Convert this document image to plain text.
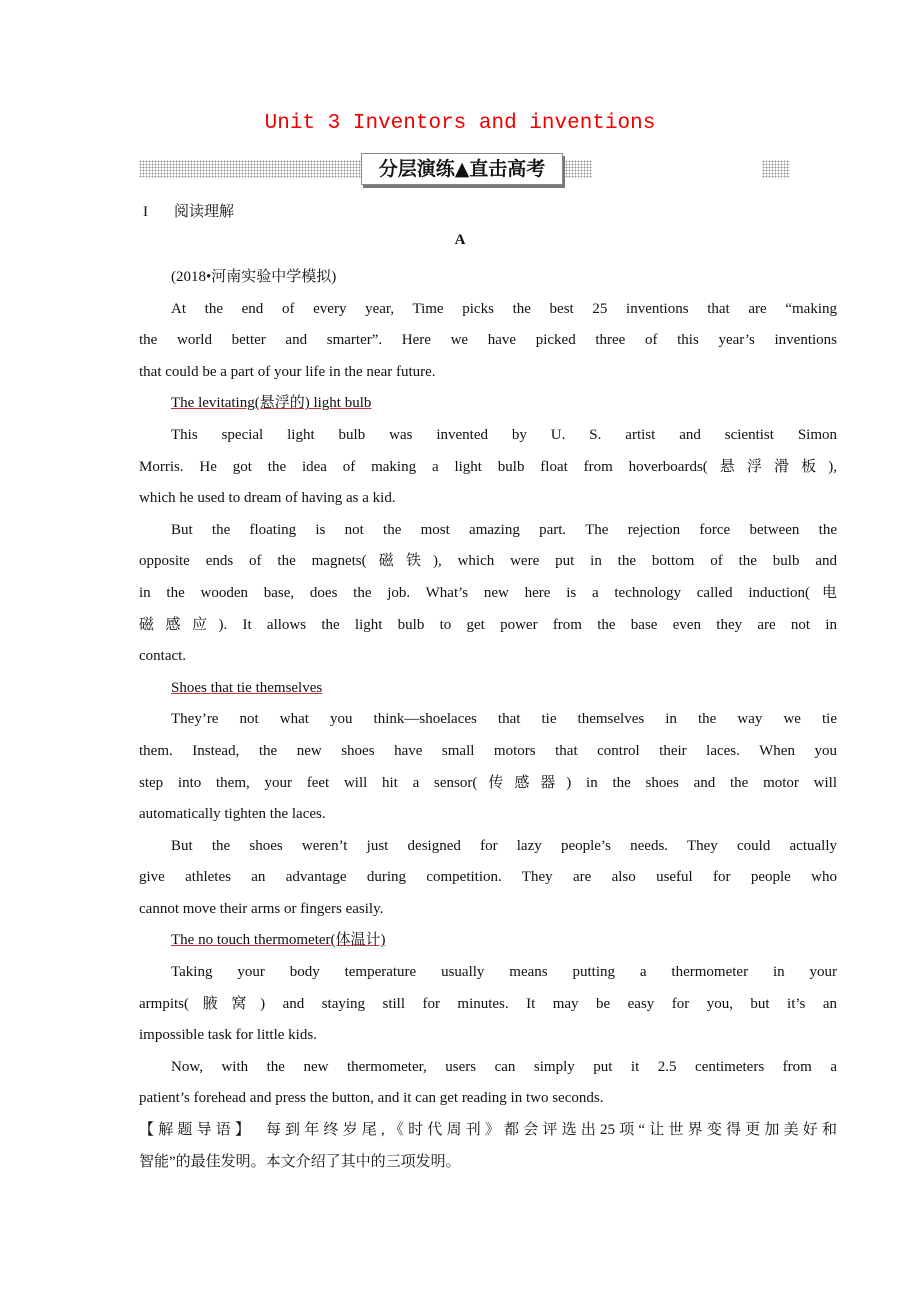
Unit 3 Inventors and inventions
分层演练▲直击高考
I 阅读理解
A
(2018•河南实验中学模拟)
At the end of every year, Time picks the best 25 inventions that are “making
the world better and smarter”. Here we have picked three of this year’s inventions
that could be a part of your life in the near future.
The levitating(悬浮的) light bulb
This special light bulb was invented by U. S. artist and scientist Simon
Morris. He got the idea of making a light bulb float from hoverboards(悬浮滑板),
which he used to dream of having as a kid.
But the floating is not the most amazing part. The rejection force between the
opposite ends of the magnets(磁铁), which were put in the bottom of the bulb and
in the wooden base, does the job. What’s new here is a technology called induction(电
磁感应). It allows the light bulb to get power from the base even they are not in
contact.
Shoes that tie themselves
They’re not what you think—shoelaces that tie themselves in the way we tie
them. Instead, the new shoes have small motors that control their laces. When you
step into them, your feet will hit a sensor(传感器) in the shoes and the motor will
automatically tighten the laces.
But the shoes weren’t just designed for lazy people’s needs. They could actually
give athletes an advantage during competition. They are also useful for people who
cannot move their arms or fingers easily.
The no touch thermometer(体温计)
Taking your body temperature usually means putting a thermometer in your
armpits(腋窝) and staying still for minutes. It may be easy for you, but it’s an
impossible task for little kids.
Now, with the new thermometer, users can simply put it 2.5 centimeters from a
patient’s forehead and press the button, and it can get reading in two seconds.
【解题导语】　每到年终岁尾,《时代周刊》都会评选出25项“让世界变得更加美好和
智能”的最佳发明。本文介绍了其中的三项发明。
